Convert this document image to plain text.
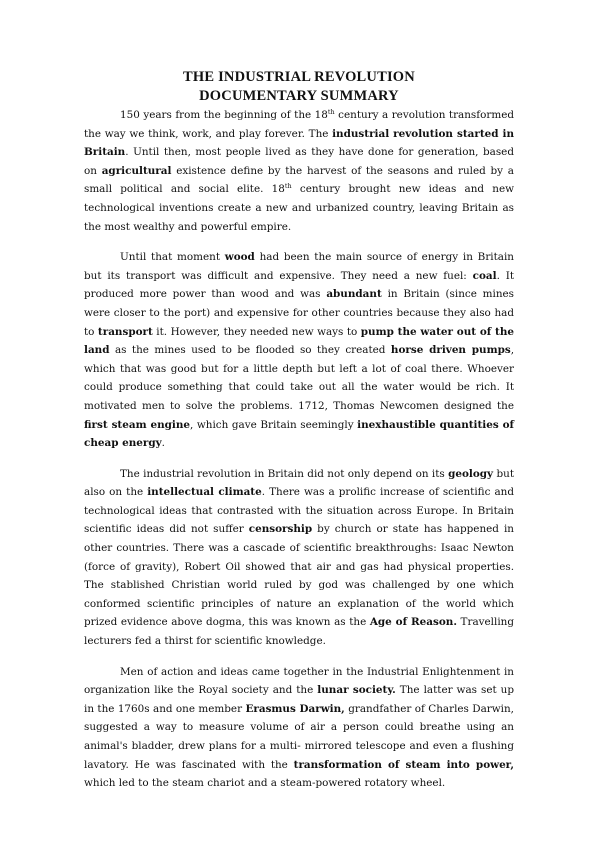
THE INDUSTRIAL REVOLUTION
DOCUMENTARY SUMMARY

150 years from the beginning of the 18th century a revolution transformed the way we think, work, and play forever. The industrial revolution started in Britain. Until then, most people lived as they have done for generation, based on agricultural existence define by the harvest of the seasons and ruled by a small political and social elite. 18th century brought new ideas and new technological inventions create a new and urbanized country, leaving Britain as the most wealthy and powerful empire.

Until that moment wood had been the main source of energy in Britain but its transport was difficult and expensive. They need a new fuel: coal. It produced more power than wood and was abundant in Britain (since mines were closer to the port) and expensive for other countries because they also had to transport it. However, they needed new ways to pump the water out of the land as the mines used to be flooded so they created horse driven pumps, which that was good but for a little depth but left a lot of coal there. Whoever could produce something that could take out all the water would be rich. It motivated men to solve the problems. 1712, Thomas Newcomen designed the first steam engine, which gave Britain seemingly inexhaustible quantities of cheap energy.

The industrial revolution in Britain did not only depend on its geology but also on the intellectual climate. There was a prolific increase of scientific and technological ideas that contrasted with the situation across Europe. In Britain scientific ideas did not suffer censorship by church or state has happened in other countries. There was a cascade of scientific breakthroughs: Isaac Newton (force of gravity), Robert Oil showed that air and gas had physical properties. The stablished Christian world ruled by god was challenged by one which conformed scientific principles of nature an explanation of the world which prized evidence above dogma, this was known as the Age of Reason. Travelling lecturers fed a thirst for scientific knowledge.

Men of action and ideas came together in the Industrial Enlightenment in organization like the Royal society and the lunar society. The latter was set up in the 1760s and one member Erasmus Darwin, grandfather of Charles Darwin, suggested a way to measure volume of air a person could breathe using an animal's bladder, drew plans for a multi- mirrored telescope and even a flushing lavatory. He was fascinated with the transformation of steam into power, which led to the steam chariot and a steam-powered rotatory wheel.
